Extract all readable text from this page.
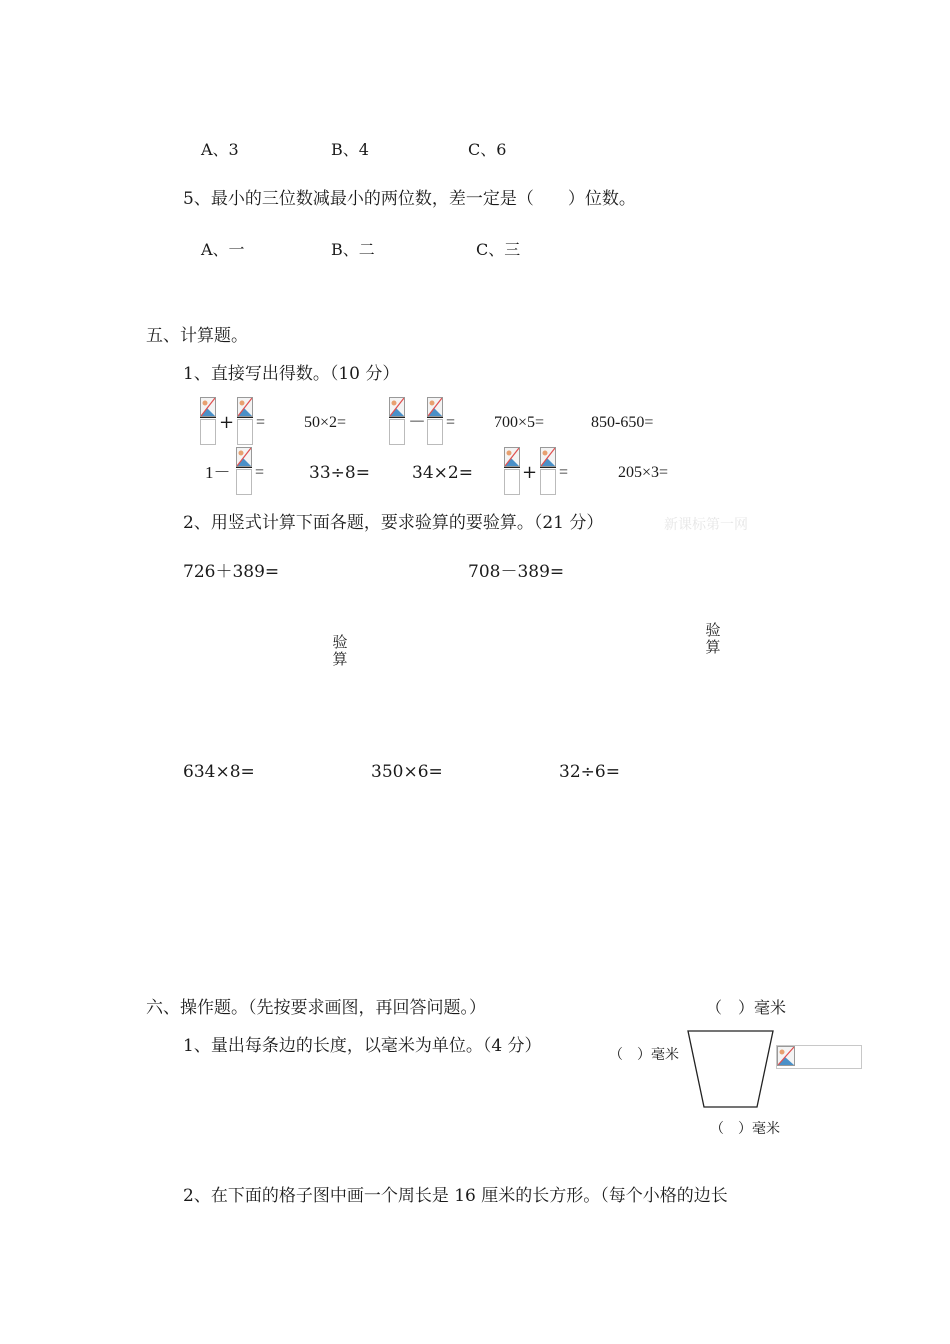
A、3	B、4	C、6
5、最小的三位数减最小的两位数，差一定是（　　）位数。
A、一	B、二	C、三
五、计算题。
1、直接写出得数。（10 分）
+ = 50×2=	－ = 700×5=	850-650=
1－ =	33÷8= 34×2=	+ =	205×3=
2、用竖式计算下面各题，要求验算的要验算。（21 分）	新课标第一网
726＋389=	708－389=
验算
验算
634×8=	350×6=	32÷6=
六、操作题。（先按要求画图，再回答问题。）	（　）毫米
1、量出每条边的长度，以毫米为单位。（4 分）	（　）毫米
（　）毫米
2、在下面的格子图中画一个周长是 16 厘米的长方形。（每个小格的边长
